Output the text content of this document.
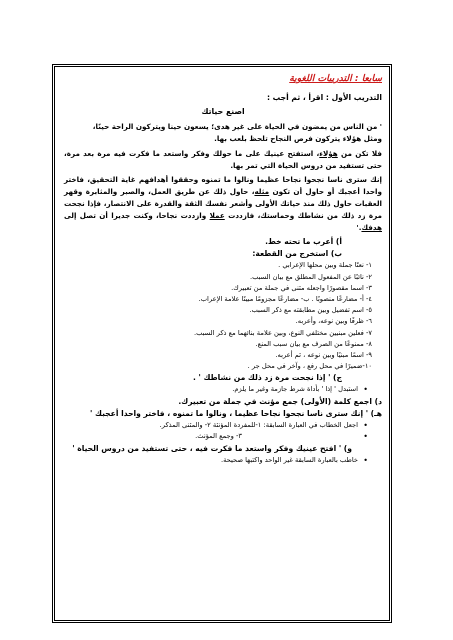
سابعا : التدريبات اللغوية
التدريب الأول : اقرأ ، ثم أجب :
اصنع حياتك
' من الناس من يمضون في الحياة على غير هدى؛ يسعون حينا ويتركون الراحة حينًا،
ومثل هؤلاء يتركون فرص النجاح تلحظ بلعب بها.
فلا تكن من هؤلاء، استفتح عينيك على ما حولك وفكر واستعد ما فكرت فيه مرة بعد مرة، حتى تستفيد من دروس الحياة التي تمر بها.
إنك سترى ناسا نجحوا نجاحا عظيما ونالوا ما تمنوه وحققوا أهدافهم غاية التحقيق، فاختر واحدا أعجبك أو حاول أن تكون مثله، حاول ذلك عن طريق العمل، والصبر والمثابرة وقهر العقبات حاول ذلك منذ حياتك الأولى وأشعر نفسك الثقة والقدرة على الانتصار، فإذا نجحت مرة زد ذلك من نشاطك وحماستك، فازددت عملا وازددت نجاحا، وكنت جديرا أن تصل إلى هدفك.'
أ) أعرب ما تحته خط.
ب) استخرج من القطعة:
١- نعتًا جملة وبين محلها الإعرابي .
٢- نائبًا عن المفعول المطلق مع بيان السبب.
٣- اسما مقصورًا واجعله مثنى في جملة من تعبيرك.
٤- أ- مضارعًا منصوبًا . ب- مضارعًا مجزومًا مبينًا علامة الإعراب.
٥- اسم تفضيل وبين مطابقته مع ذكر السبب.
٦- ظرفًا وبين نوعه، وأعربه.
٧- فعلين مبنيين مختلفي النوع، وبين علامة بنائهما مع ذكر السبب.
٨- ممنوعًا من الصرف مع بيان سبب المنع.
٩- اسمًا مبنيًا وبين نوعه ، ثم أعربه.
١٠-ضميرًا في محل رفع ، وآخر في محل جر .
ج) ' إذا نجحت مرة زد ذلك من نشاطك ' .
• استبدل ' إذا ' بأداة شرط جازمة وغير ما يلزم.
د) اجمع كلمة (الأولى) جمع مؤنث في جملة من تعبيرك.
هـ) ' إنك سترى ناسا نجحوا نجاحا عظيما ، ونالوا ما تمنوه ، فاختر واحدا أعجبك '
• اجعل الخطاب في العبارة السابقة: ١-للمفردة المؤنثة ٢- والمثنى المذكر.
• ٣- وجمع المؤنث.
و) ' افتح عينيك وفكر واستعد ما فكرت فيه ، حتى تستفيد من دروس الحياة '
• خاطب بالعبارة السابقة غير الواحد واكتبها صحيحة.
